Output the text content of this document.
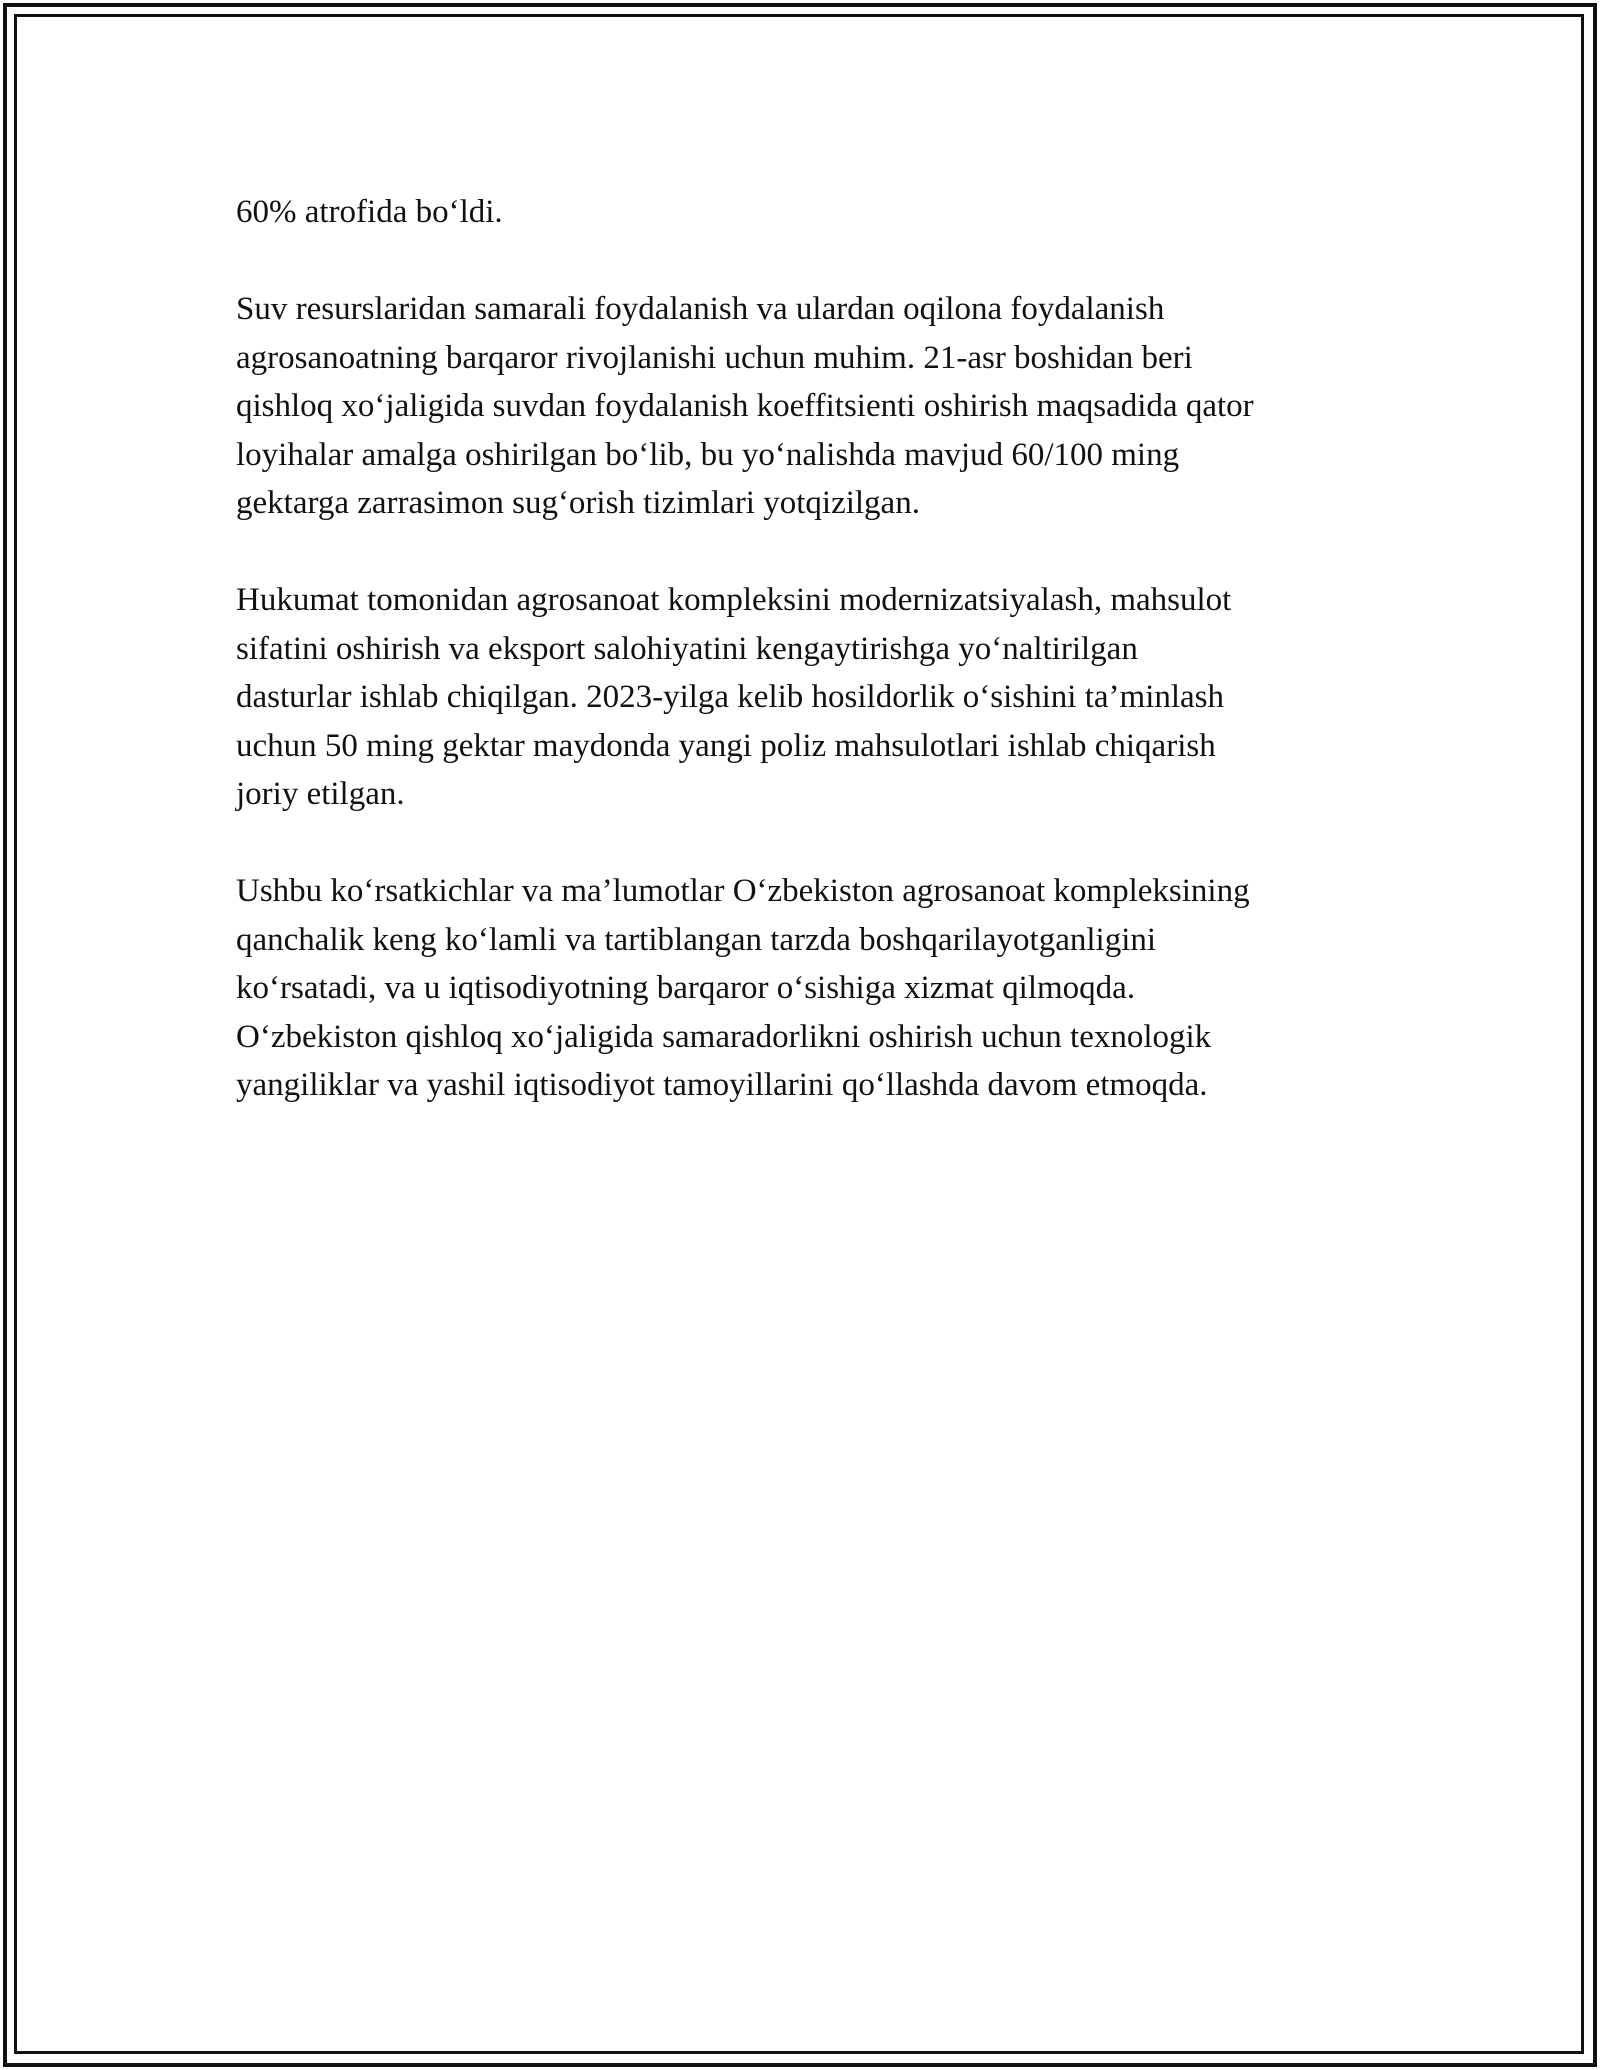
60% atrofida bo‘ldi.

Suv resurslaridan samarali foydalanish va ulardan oqilona foydalanish
agrosanoatning barqaror rivojlanishi uchun muhim. 21-asr boshidan beri
qishloq xo‘jaligida suvdan foydalanish koeffitsienti oshirish maqsadida qator
loyihalar amalga oshirilgan bo‘lib, bu yo‘nalishda mavjud 60/100 ming
gektarga zarrasimon sug‘orish tizimlari yotqizilgan.

Hukumat tomonidan agrosanoat kompleksini modernizatsiyalash, mahsulot
sifatini oshirish va eksport salohiyatini kengaytirishga yo‘naltirilgan
dasturlar ishlab chiqilgan. 2023-yilga kelib hosildorlik o‘sishini ta’minlash
uchun 50 ming gektar maydonda yangi poliz mahsulotlari ishlab chiqarish
joriy etilgan.

Ushbu ko‘rsatkichlar va ma’lumotlar O‘zbekiston agrosanoat kompleksining
qanchalik keng ko‘lamli va tartiblangan tarzda boshqarilayotganligini
ko‘rsatadi, va u iqtisodiyotning barqaror o‘sishiga xizmat qilmoqda.
O‘zbekiston qishloq xo‘jaligida samaradorlikni oshirish uchun texnologik
yangiliklar va yashil iqtisodiyot tamoyillarini qo‘llashda davom etmoqda.
